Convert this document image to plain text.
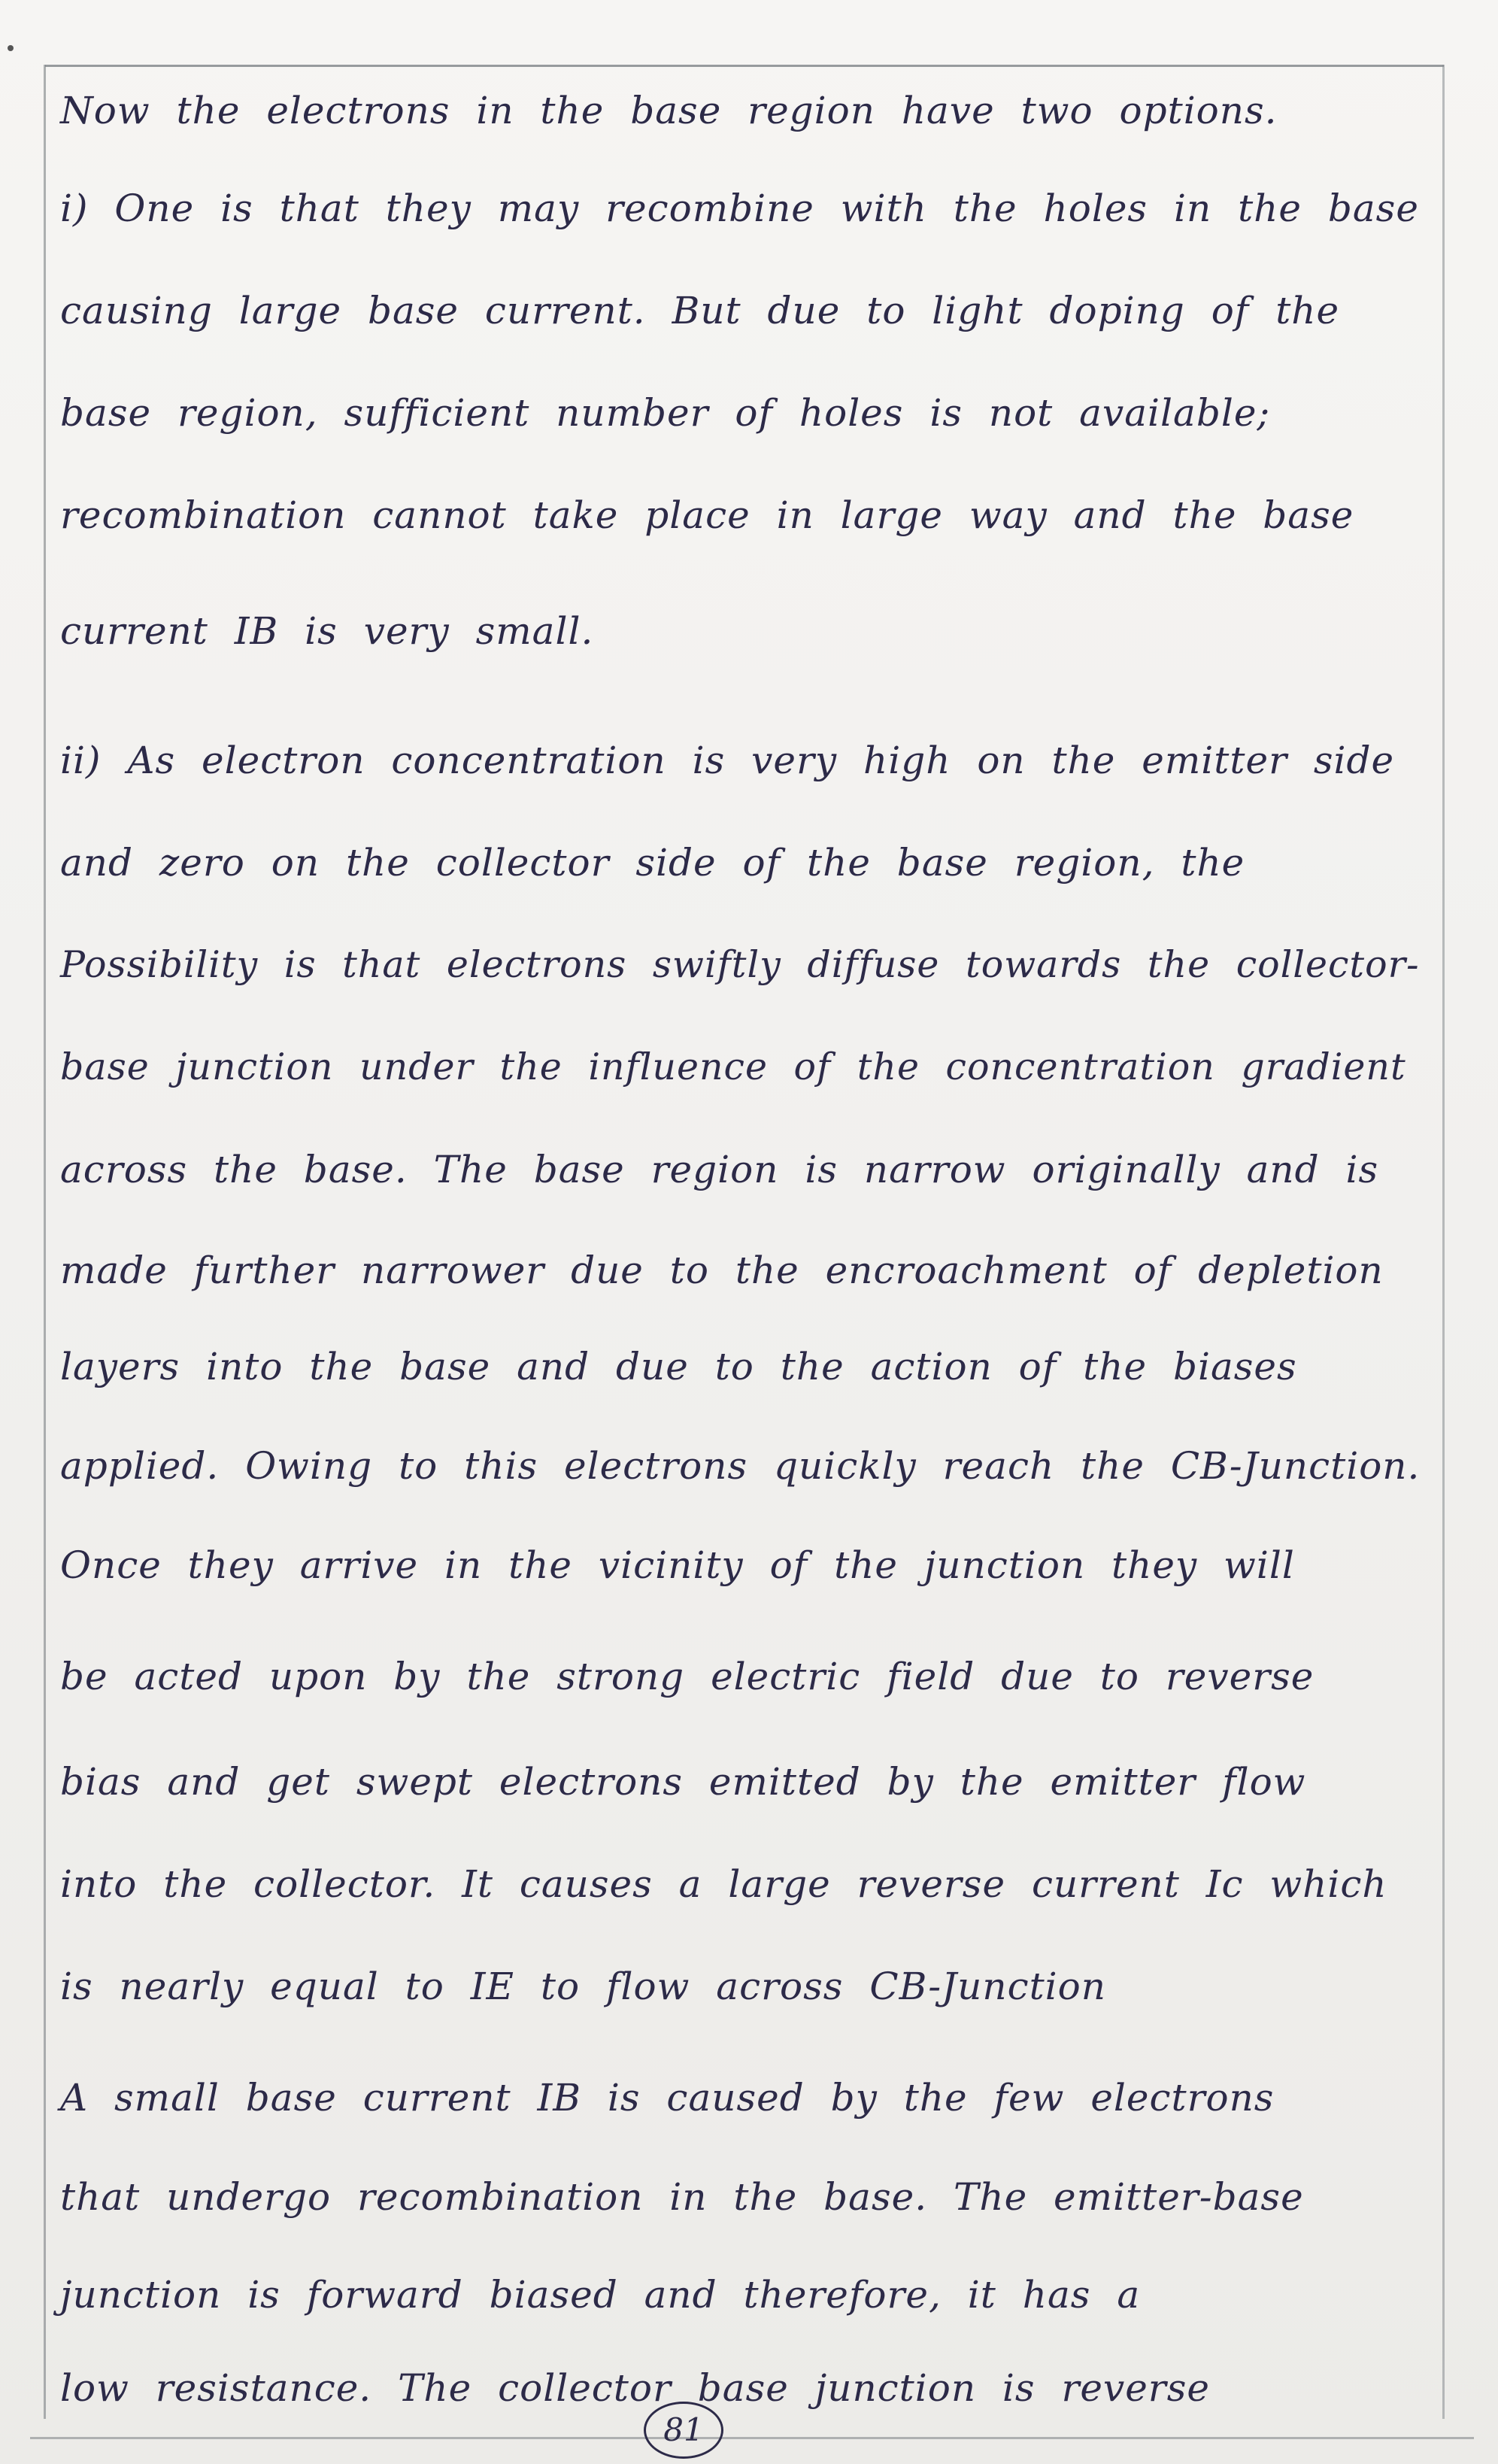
Now the electrons in the base region have two options.
i) One is that they may recombine with the holes in the base
causing large base current. But due to light doping of the
base region, sufficient number of holes is not available;
recombination cannot take place in large way and the base
current IB is very small.
ii) As electron concentration is very high on the emitter side
and zero on the collector side of the base region, the
Possibility is that electrons swiftly diffuse towards the collector-
base junction under the influence of the concentration gradient
across the base. The base region is narrow originally and is
made further narrower due to the encroachment of depletion
layers into the base and due to the action of the biases
applied. Owing to this electrons quickly reach the CB-Junction.
Once they arrive in the vicinity of the junction they will
be acted upon by the strong electric field due to reverse
bias and get swept electrons emitted by the emitter flow
into the collector. It causes a large reverse current Ic which
is nearly equal to IE to flow across CB-Junction
A small base current IB is caused by the few electrons
that undergo recombination in the base. The emitter-base
junction is forward biased and therefore, it has a
low resistance. The collector base junction is reverse
81
